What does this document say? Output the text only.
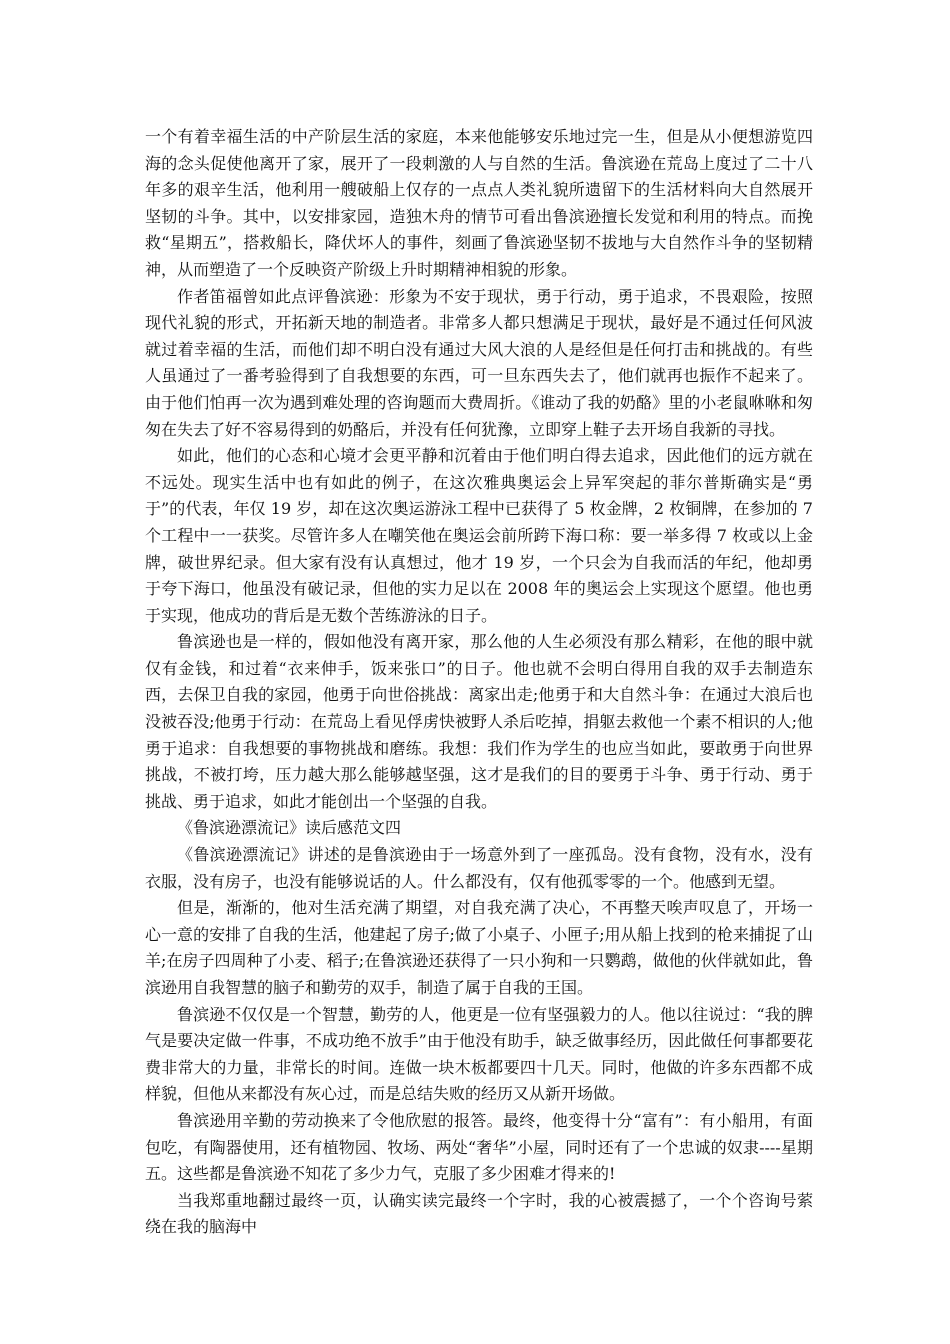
一个有着幸福生活的中产阶层生活的家庭，本来他能够安乐地过完一生，但是从小便想游览四海的念头促使他离开了家，展开了一段刺激的人与自然的生活。鲁滨逊在荒岛上度过了二十八年多的艰辛生活，他利用一艘破船上仅存的一点点人类礼貌所遗留下的生活材料向大自然展开坚韧的斗争。其中，以安排家园，造独木舟的情节可看出鲁滨逊擅长发觉和利用的特点。而挽救“星期五”，搭救船长，降伏坏人的事件，刻画了鲁滨逊坚韧不拔地与大自然作斗争的坚韧精神，从而塑造了一个反映资产阶级上升时期精神相貌的形象。

作者笛福曾如此点评鲁滨逊：形象为不安于现状，勇于行动，勇于追求，不畏艰险，按照现代礼貌的形式，开拓新天地的制造者。非常多人都只想满足于现状，最好是不通过任何风波就过着幸福的生活，而他们却不明白没有通过大风大浪的人是经但是任何打击和挑战的。有些人虽通过了一番考验得到了自我想要的东西，可一旦东西失去了，他们就再也振作不起来了。由于他们怕再一次为遇到难处理的咨询题而大费周折。《谁动了我的奶酪》里的小老鼠咻咻和匆匆在失去了好不容易得到的奶酪后，并没有任何犹豫，立即穿上鞋子去开场自我新的寻找。

如此，他们的心态和心境才会更平静和沉着由于他们明白得去追求，因此他们的远方就在不远处。现实生活中也有如此的例子，在这次雅典奥运会上异军突起的菲尔普斯确实是“勇于”的代表，年仅 19 岁，却在这次奥运游泳工程中已获得了 5 枚金牌，2 枚铜牌，在参加的 7 个工程中一一获奖。尽管许多人在嘲笑他在奥运会前所跨下海口称：要一举多得 7 枚或以上金牌，破世界纪录。但大家有没有认真想过，他才 19 岁，一个只会为自我而活的年纪，他却勇于夸下海口，他虽没有破记录，但他的实力足以在 2008 年的奥运会上实现这个愿望。他也勇于实现，他成功的背后是无数个苦练游泳的日子。

鲁滨逊也是一样的，假如他没有离开家，那么他的人生必须没有那么精彩，在他的眼中就仅有金钱，和过着“衣来伸手，饭来张口”的日子。他也就不会明白得用自我的双手去制造东西，去保卫自我的家园，他勇于向世俗挑战：离家出走;他勇于和大自然斗争：在通过大浪后也没被吞没;他勇于行动：在荒岛上看见俘虏快被野人杀后吃掉，捐躯去救他一个素不相识的人;他勇于追求：自我想要的事物挑战和磨练。我想：我们作为学生的也应当如此，要敢勇于向世界挑战，不被打垮，压力越大那么能够越坚强，这才是我们的目的要勇于斗争、勇于行动、勇于挑战、勇于追求，如此才能创出一个坚强的自我。

《鲁滨逊漂流记》读后感范文四

《鲁滨逊漂流记》讲述的是鲁滨逊由于一场意外到了一座孤岛。没有食物，没有水，没有衣服，没有房子，也没有能够说话的人。什么都没有，仅有他孤零零的一个。他感到无望。

但是，渐渐的，他对生活充满了期望，对自我充满了决心，不再整天唉声叹息了，开场一心一意的安排了自我的生活，他建起了房子;做了小桌子、小匣子;用从船上找到的枪来捕捉了山羊;在房子四周种了小麦、稻子;在鲁滨逊还获得了一只小狗和一只鹦鹉，做他的伙伴就如此，鲁滨逊用自我智慧的脑子和勤劳的双手，制造了属于自我的王国。

鲁滨逊不仅仅是一个智慧，勤劳的人，他更是一位有坚强毅力的人。他以往说过：“我的脾气是要决定做一件事，不成功绝不放手”由于他没有助手，缺乏做事经历，因此做任何事都要花费非常大的力量，非常长的时间。连做一块木板都要四十几天。同时，他做的许多东西都不成样貌，但他从来都没有灰心过，而是总结失败的经历又从新开场做。

鲁滨逊用辛勤的劳动换来了令他欣慰的报答。最终，他变得十分“富有”：有小船用，有面包吃，有陶器使用，还有植物园、牧场、两处“奢华”小屋，同时还有了一个忠诚的奴隶----星期五。这些都是鲁滨逊不知花了多少力气，克服了多少困难才得来的!

当我郑重地翻过最终一页，认确实读完最终一个字时，我的心被震撼了，一个个咨询号萦绕在我的脑海中
